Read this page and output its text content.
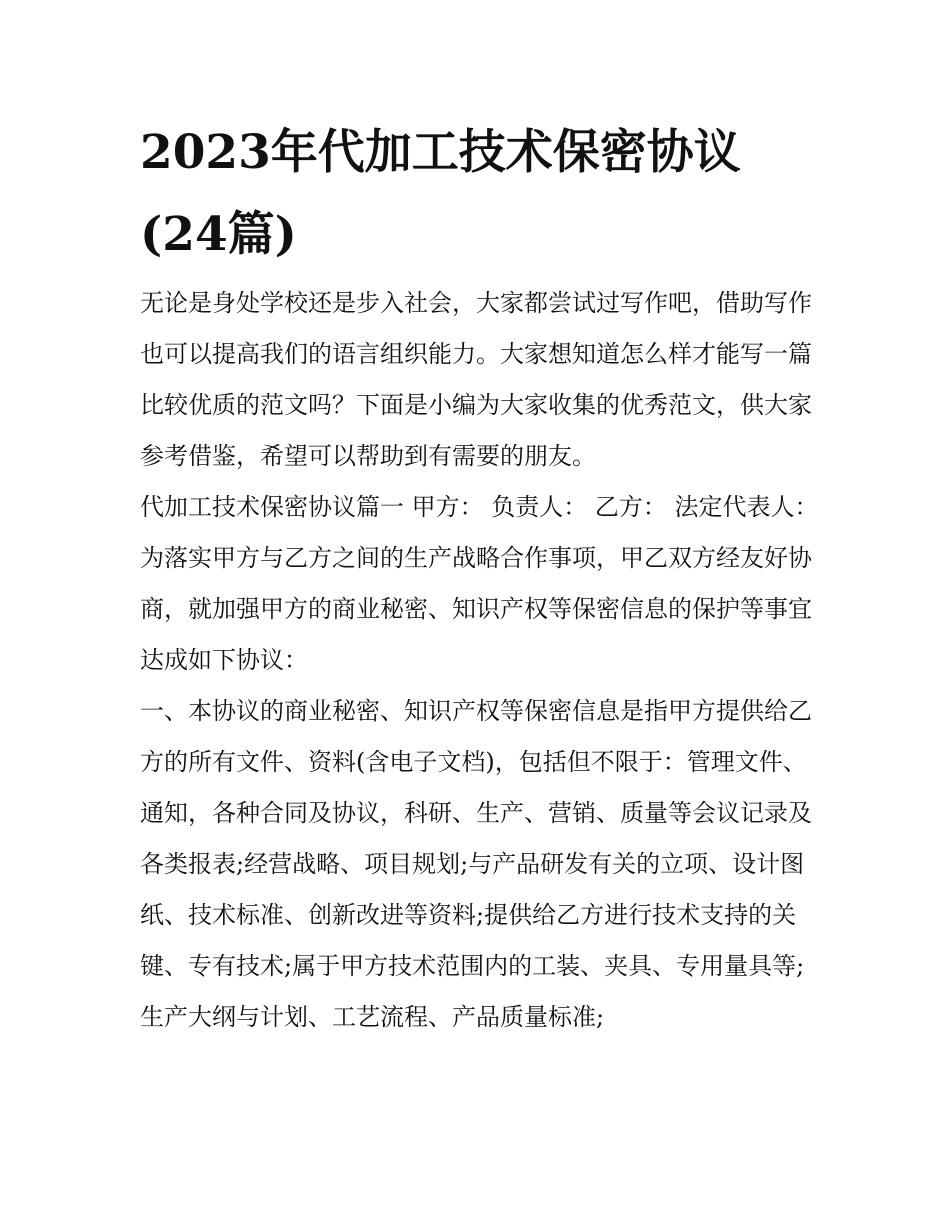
2023年代加工技术保密协议
(24篇)

无论是身处学校还是步入社会，大家都尝试过写作吧，借助写作也可以提高我们的语言组织能力。大家想知道怎么样才能写一篇比较优质的范文吗？下面是小编为大家收集的优秀范文，供大家参考借鉴，希望可以帮助到有需要的朋友。

代加工技术保密协议篇一 甲方： 负责人： 乙方： 法定代表人：

为落实甲方与乙方之间的生产战略合作事项，甲乙双方经友好协商，就加强甲方的商业秘密、知识产权等保密信息的保护等事宜达成如下协议：

一、本协议的商业秘密、知识产权等保密信息是指甲方提供给乙方的所有文件、资料(含电子文档)，包括但不限于：管理文件、通知，各种合同及协议，科研、生产、营销、质量等会议记录及各类报表;经营战略、项目规划;与产品研发有关的立项、设计图纸、技术标准、创新改进等资料;提供给乙方进行技术支持的关键、专有技术;属于甲方技术范围内的工装、夹具、专用量具等;生产大纲与计划、工艺流程、产品质量标准;
